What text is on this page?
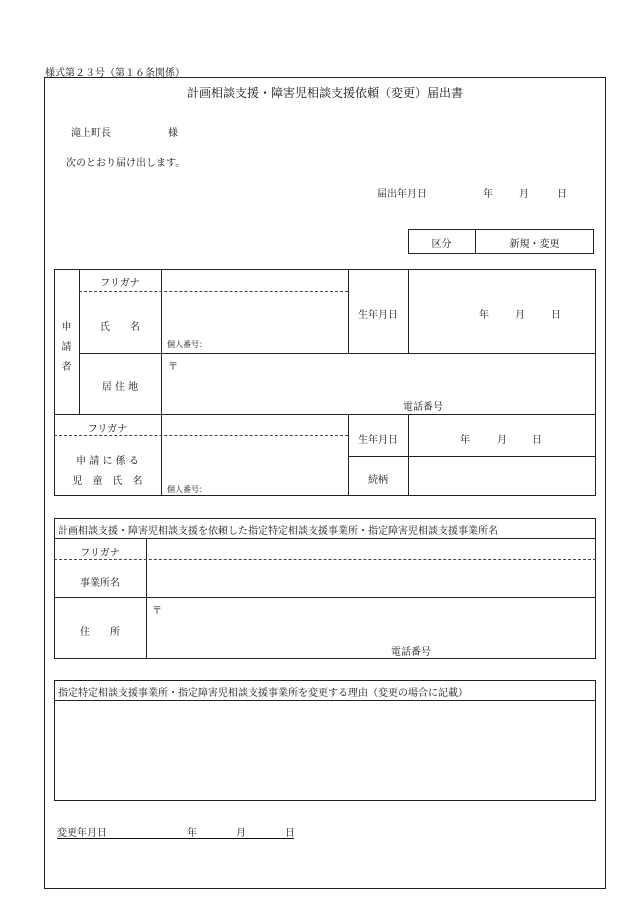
様式第２３号（第１６条関係）
計画相談支援・障害児相談支援依頼（変更）届出書
滝上町長	様
次のとおり届け出します。
届出年月日	年	月	日
区分	新規・変更
申
請
者
フリガナ
氏　　名
個人番号：
生年月日	年	月	日
〒
居 住 地
電話番号
フリガナ
申 請 に 係 る
児　童　氏　名
個人番号：
生年月日	年	月	日
続柄
計画相談支援・障害児相談支援を依頼した指定特定相談支援事業所・指定障害児相談支援事業所名
フリガナ
事業所名
〒
住　　所
電話番号
指定特定相談支援事業所・指定障害児相談支援事業所を変更する理由（変更の場合に記載）
変更年月日	年	月	日
